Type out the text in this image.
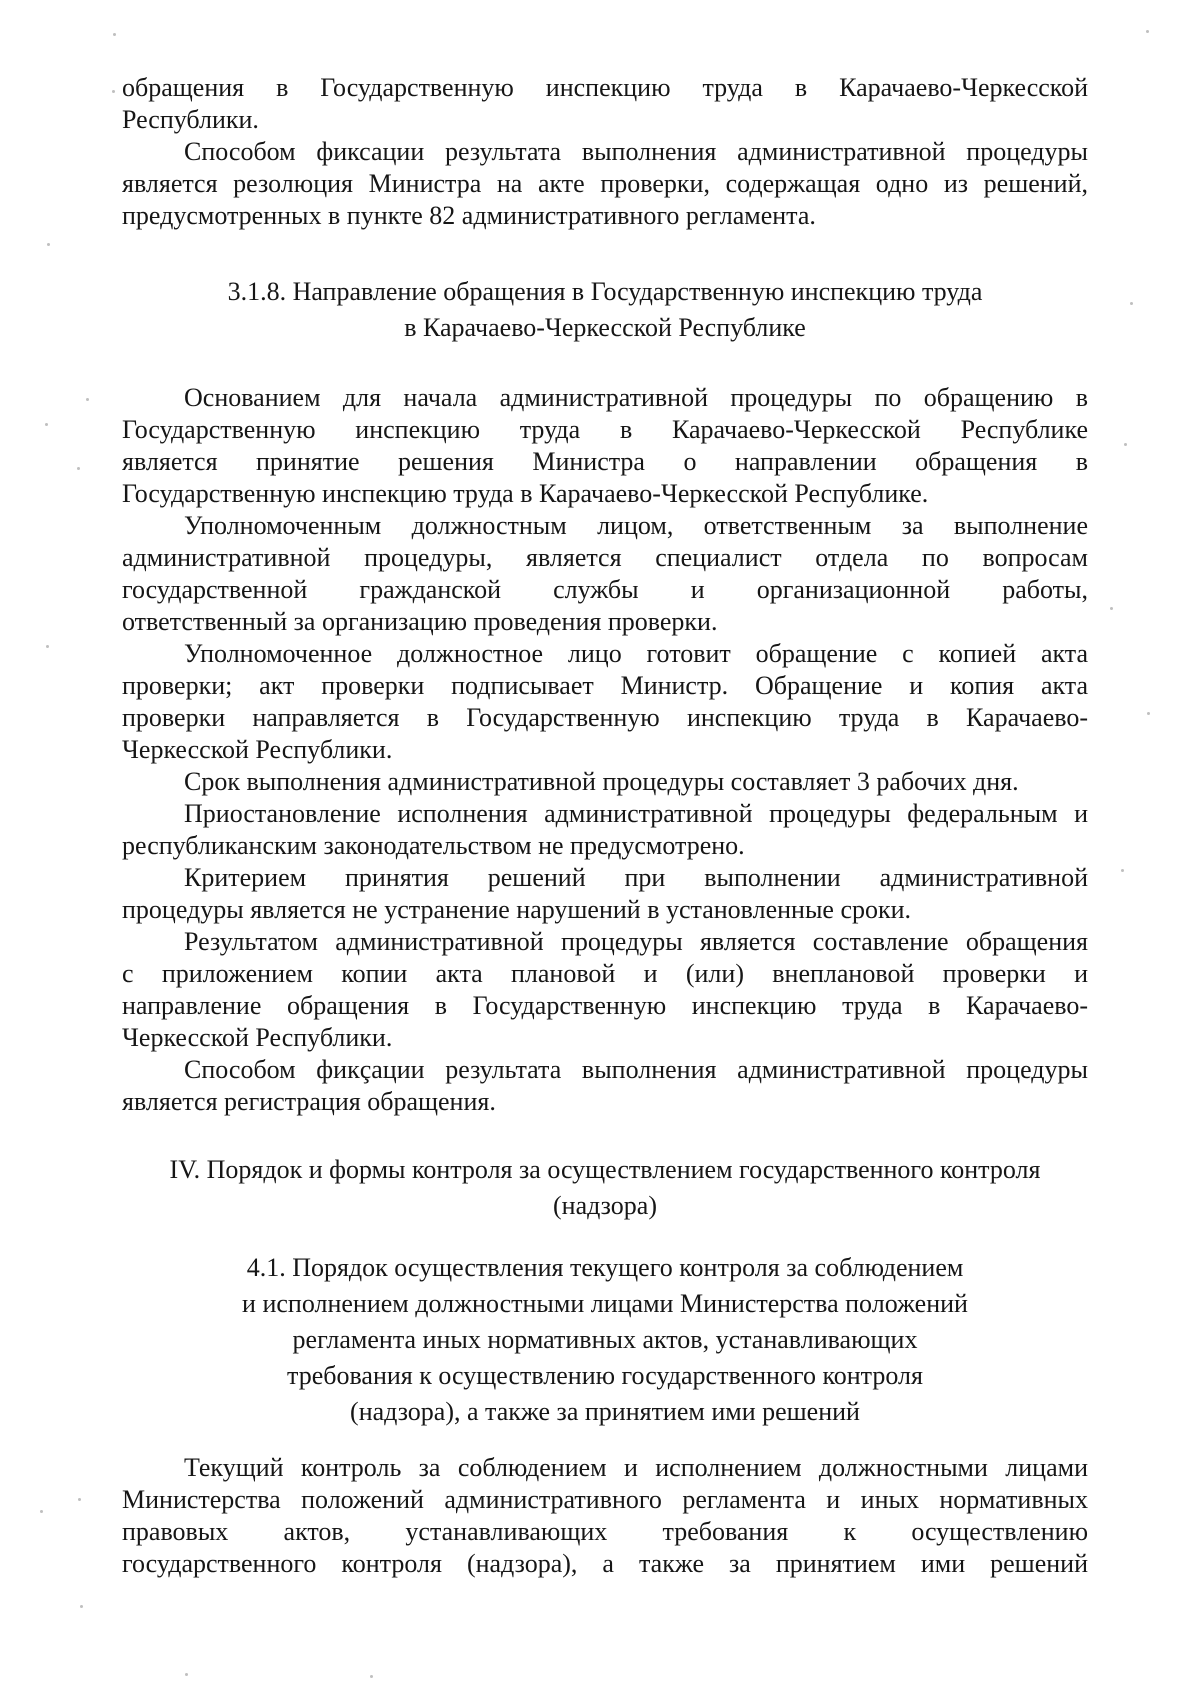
обращения в Государственную инспекцию труда в Карачаево-Черкесской
Республики.
Способом фиксации результата выполнения административной процедуры
является резолюция Министра на акте проверки, содержащая одно из решений,
предусмотренных в пункте 82 административного регламента.
3.1.8. Направление обращения в Государственную инспекцию труда
в Карачаево-Черкесской Республике
Основанием для начала административной процедуры по обращению в
Государственную инспекцию труда в Карачаево-Черкесской Республике
является принятие решения Министра о направлении обращения в
Государственную инспекцию труда в Карачаево-Черкесской Республике.
Уполномоченным должностным лицом, ответственным за выполнение
административной процедуры, является специалист отдела по вопросам
государственной гражданской службы и организационной работы,
ответственный за организацию проведения проверки.
Уполномоченное должностное лицо готовит обращение с копией акта
проверки; акт проверки подписывает Министр. Обращение и копия акта
проверки направляется в Государственную инспекцию труда в Карачаево-
Черкесской Республики.
Срок выполнения административной процедуры составляет 3 рабочих дня.
Приостановление исполнения административной процедуры федеральным и
республиканским законодательством не предусмотрено.
Критерием принятия решений при выполнении административной
процедуры является не устранение нарушений в установленные сроки.
Результатом административной процедуры является составление обращения
с приложением копии акта плановой и (или) внеплановой проверки и
направление обращения в Государственную инспекцию труда в Карачаево-
Черкесской Республики.
Способом фикçации результата выполнения административной процедуры
является регистрация обращения.
IV. Порядок и формы контроля за осуществлением государственного контроля
(надзора)
4.1. Порядок осуществления текущего контроля за соблюдением
и исполнением должностными лицами Министерства положений
регламента иных нормативных актов, устанавливающих
требования к осуществлению государственного контроля
(надзора), а также за принятием ими решений
Текущий контроль за соблюдением и исполнением должностными лицами
Министерства положений административного регламента и иных нормативных
правовых актов, устанавливающих требования к осуществлению
государственного контроля (надзора), а также за принятием ими решений
